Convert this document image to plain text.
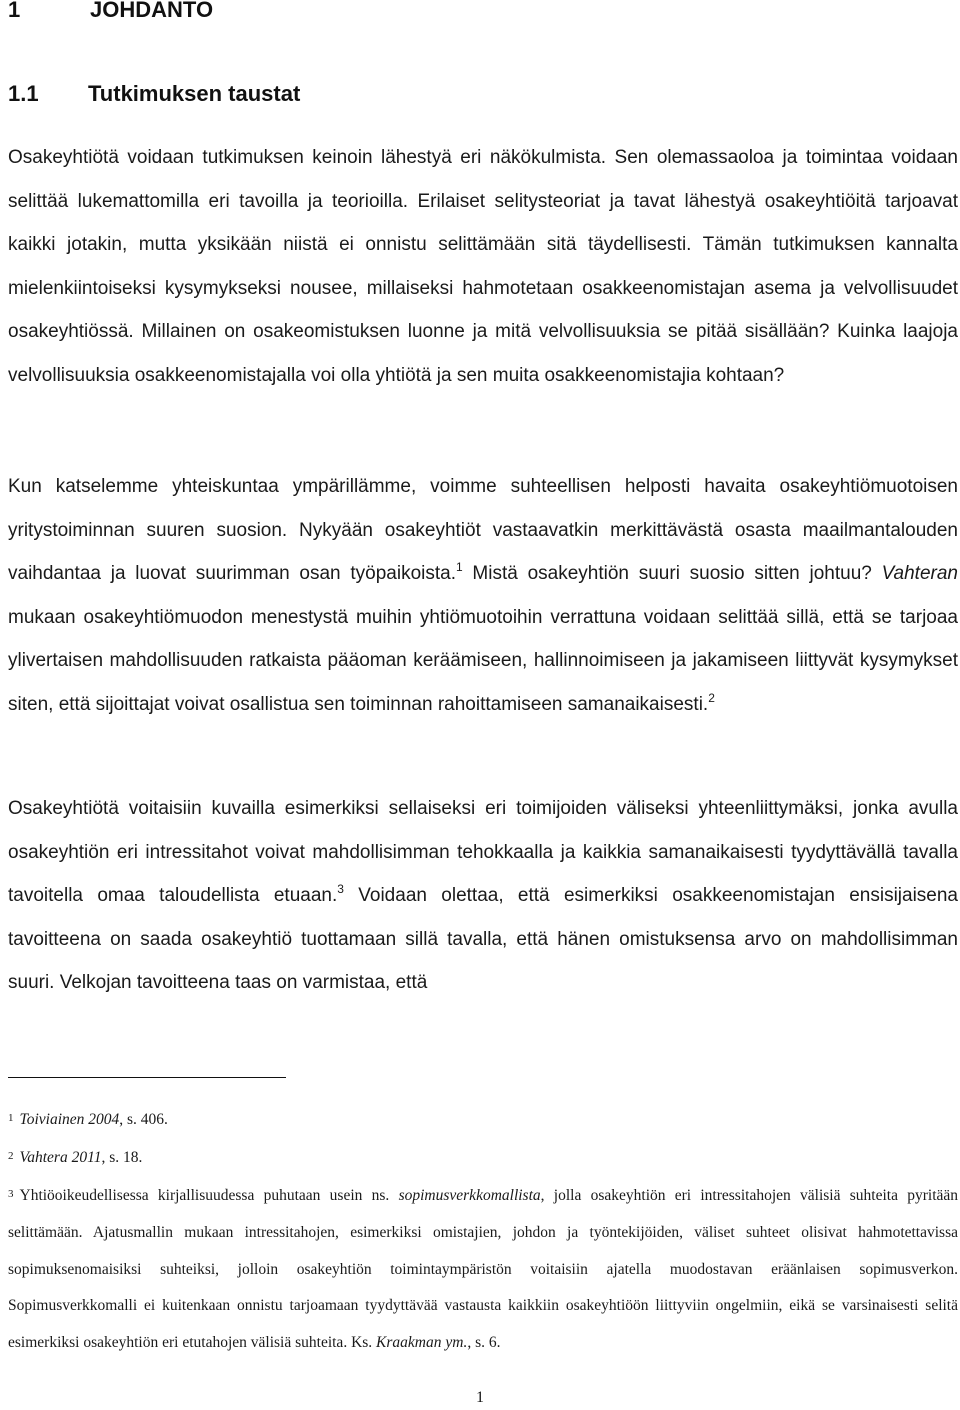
1	JOHDANTO
1.1 Tutkimuksen taustat

Osakeyhtiötä voidaan tutkimuksen keinoin lähestyä eri näkökulmista. Sen olemassaoloa ja toimintaa voidaan selittää lukemattomilla eri tavoilla ja teorioilla. Erilaiset selitysteoriat ja tavat lähestyä osakeyhtiöitä tarjoavat kaikki jotakin, mutta yksikään niistä ei onnistu selittämään sitä täydellisesti. Tämän tutkimuksen kannalta mielenkiintoiseksi kysymykseksi nousee, millaiseksi hahmotetaan osakkeenomistajan asema ja velvollisuudet osakeyhtiössä. Millainen on osakeomistuksen luonne ja mitä velvollisuuksia se pitää sisällään? Kuinka laajoja velvollisuuksia osakkeenomistajalla voi olla yhtiötä ja sen muita osakkeenomistajia kohtaan?

Kun katselemme yhteiskuntaa ympärillämme, voimme suhteellisen helposti havaita osakeyhtiömuotoisen yritystoiminnan suuren suosion. Nykyään osakeyhtiöt vastaavatkin merkittävästä osasta maailmantalouden vaihdantaa ja luovat suurimman osan työpaikoista.$^1$ Mistä osakeyhtiön suuri suosio sitten johtuu? Vahteran mukaan osakeyhtiömuodon menestystä muihin yhtiömuotoihin verrattuna voidaan selittää sillä, että se tarjoaa ylivertaisen mahdollisuuden ratkaista pääoman keräämiseen, hallinnoimiseen ja jakamiseen liittyvät kysymykset siten, että sijoittajat voivat osallistua sen toiminnan rahoittamiseen samanaikaisesti.$^2$

Osakeyhtiötä voitaisiin kuvailla esimerkiksi sellaiseksi eri toimijoiden väliseksi yhteenliittymäksi, jonka avulla osakeyhtiön eri intressitahot voivat mahdollisimman tehokkaalla ja kaikkia samanaikaisesti tyydyttävällä tavalla tavoitella omaa taloudellista etuaan.$^3$ Voidaan olettaa, että esimerkiksi osakkeenomistajan ensisijaisena tavoitteena on saada osakeyhtiö tuottamaan sillä tavalla, että hänen omistuksensa arvo on mahdollisimman suuri. Velkojan tavoitteena taas on varmistaa, että

1 Toiviainen 2004, s. 406.

2 Vahtera 2011, s. 18.

3 Yhtiöoikeudellisessa kirjallisuudessa puhutaan usein ns. sopimusverkkomallista, jolla osakeyhtiön eri intressitahojen välisiä suhteita pyritään selittämään. Ajatusmallin mukaan intressitahojen, esimerkiksi omistajien, johdon ja työntekijöiden, väliset suhteet olisivat hahmotettavissa sopimuksenomaisiksi suhteiksi, jolloin osakeyhtiön toimintaympäristön voitaisiin ajatella muodostavan eräänlaisen sopimusverkon. Sopimusverkkomalli ei kuitenkaan onnistu tarjoamaan tyydyttävää vastausta kaikkiin osakeyhtiöön liittyviin ongelmiin, eikä se varsinaisesti selitä esimerkiksi osakeyhtiön eri etutahojen välisiä suhteita. Ks. Kraakman ym., s. 6.

1
